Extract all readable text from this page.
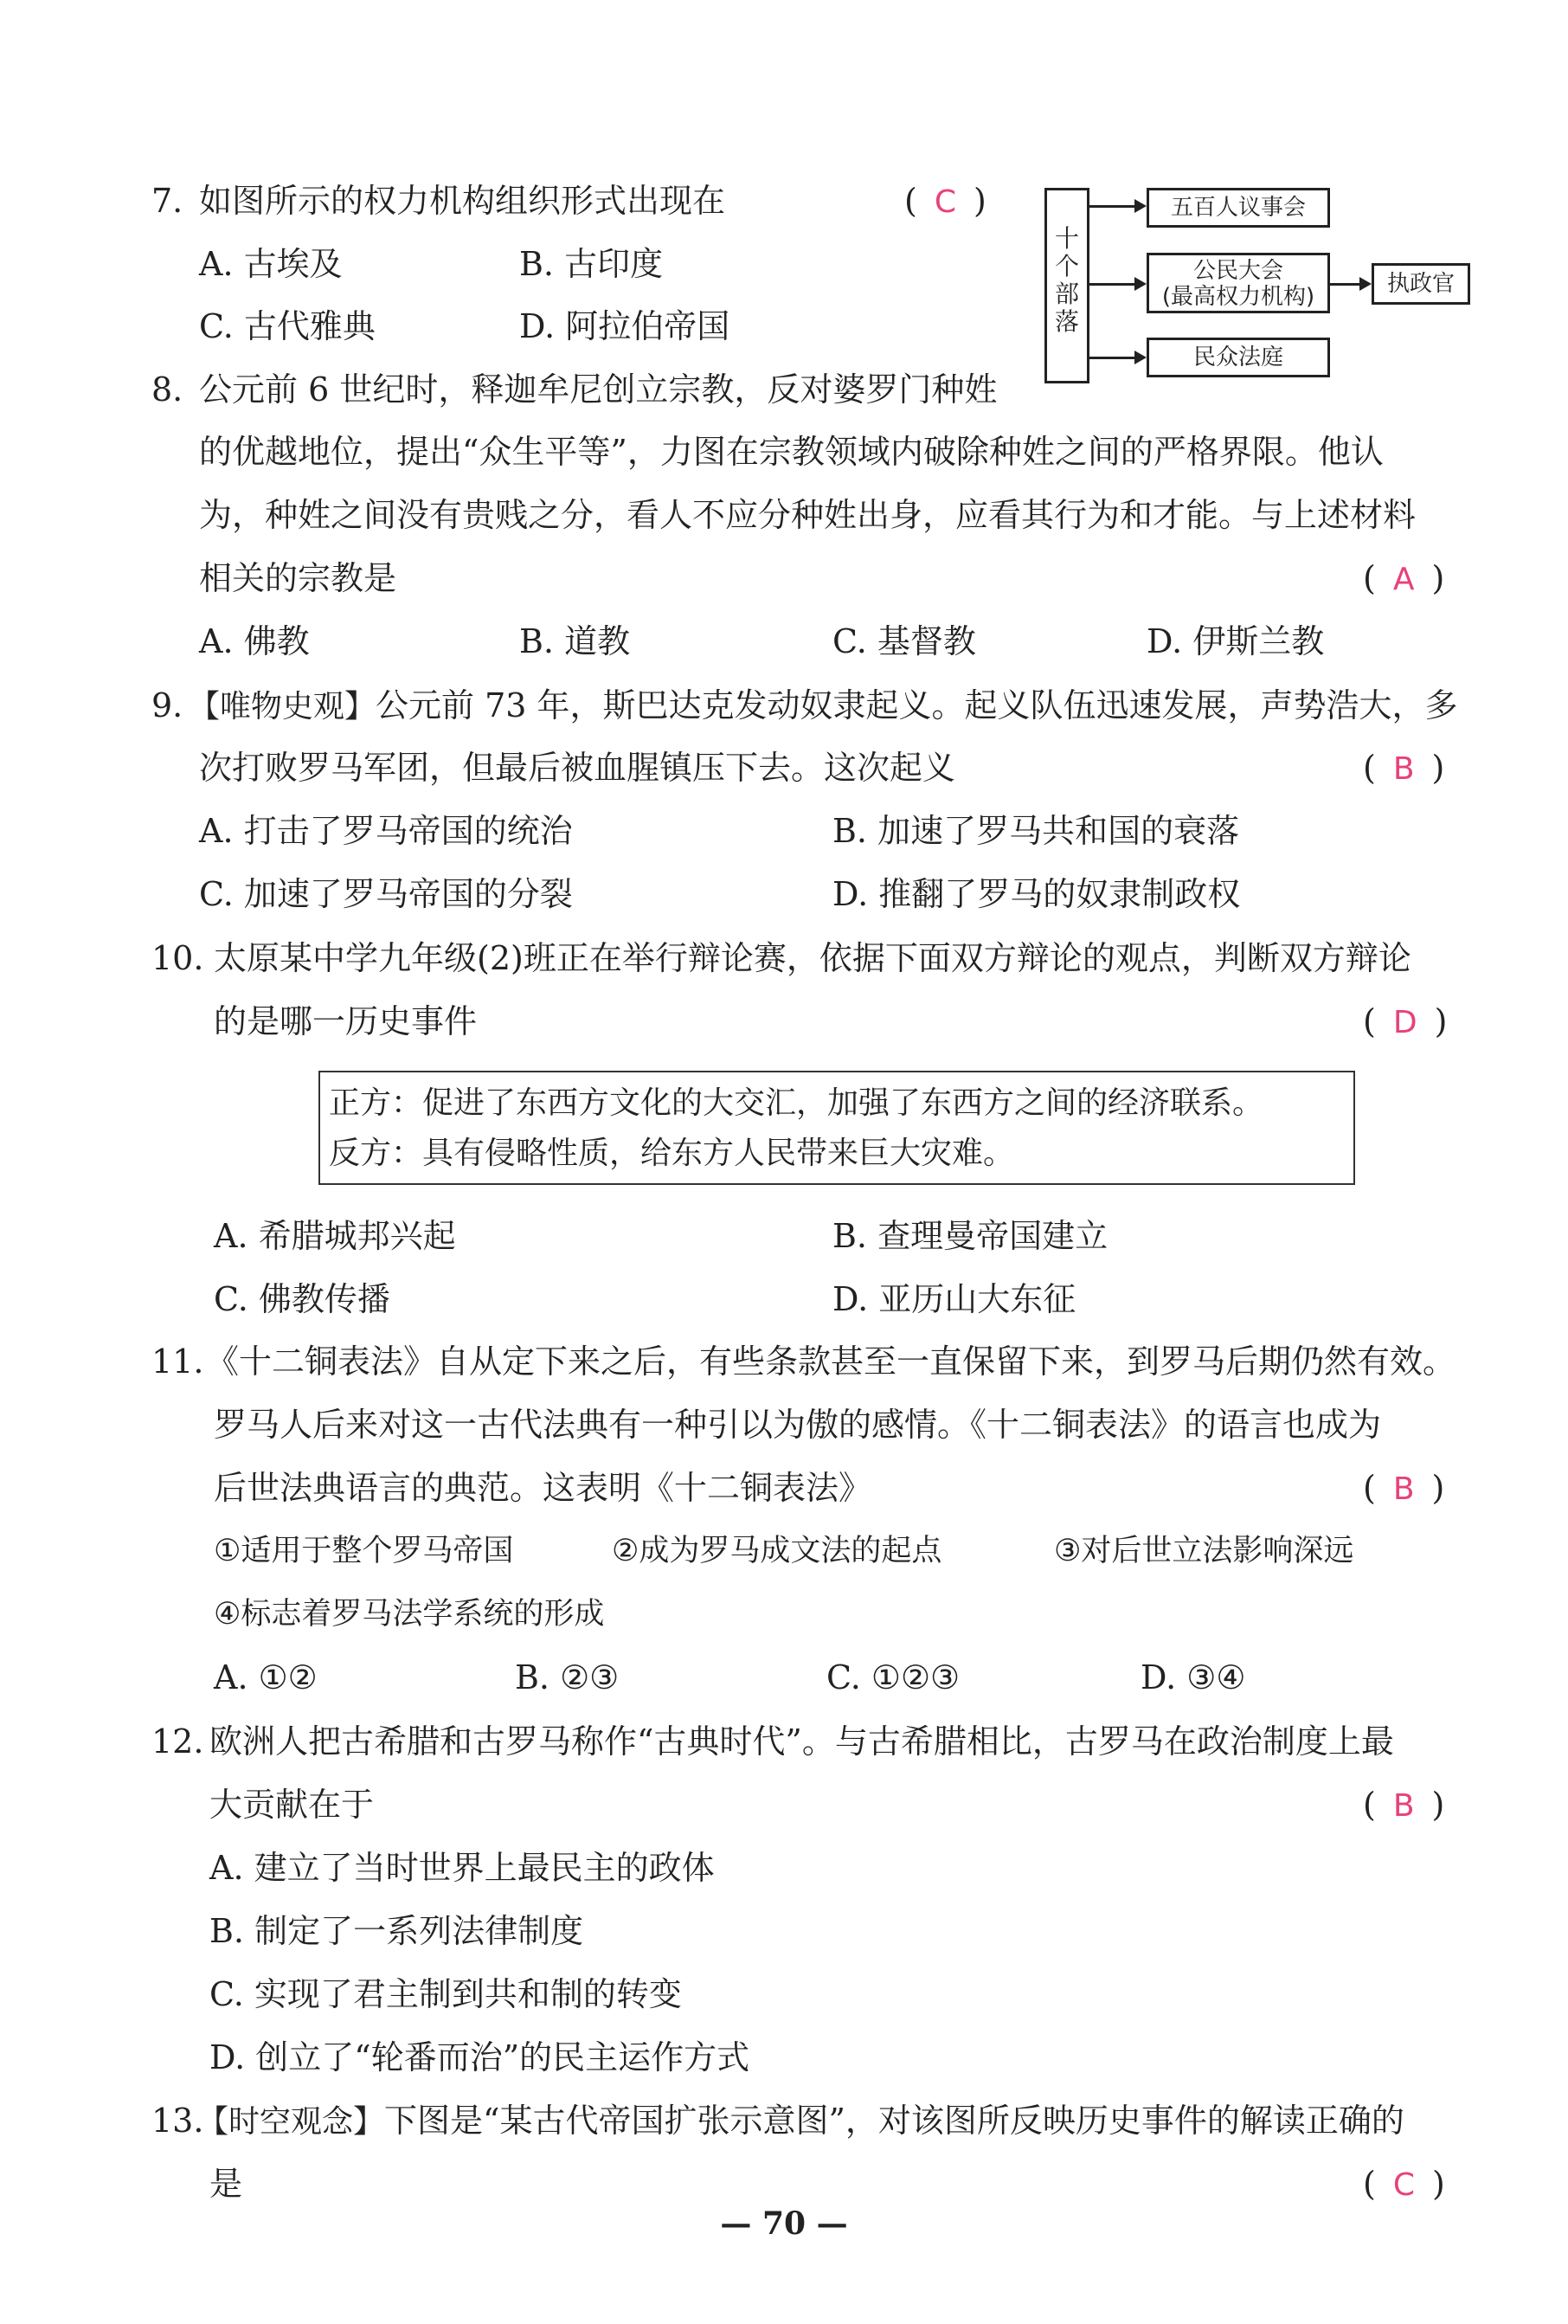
7. 如图所示的权力机构组织形式出现在	( C )
A. 古埃及	B. 古印度
C. 古代雅典	D. 阿拉伯帝国
十
个
部
落
五百人议事会
公民大会
(最高权力机构)
民众法庭
执政官
8. 公元前 6 世纪时，释迦牟尼创立宗教，反对婆罗门种姓
的优越地位，提出“众生平等”，力图在宗教领域内破除种姓之间的严格界限。他认
为，种姓之间没有贵贱之分，看人不应分种姓出身，应看其行为和才能。与上述材料
相关的宗教是	( A )
A. 佛教	B. 道教	C. 基督教	D. 伊斯兰教
9. 【唯物史观】公元前 73 年，斯巴达克发动奴隶起义。起义队伍迅速发展，声势浩大，多
次打败罗马军团，但最后被血腥镇压下去。这次起义	( B )
A. 打击了罗马帝国的统治	B. 加速了罗马共和国的衰落
C. 加速了罗马帝国的分裂	D. 推翻了罗马的奴隶制政权
10. 太原某中学九年级(2)班正在举行辩论赛，依据下面双方辩论的观点，判断双方辩论
的是哪一历史事件	( D )
正方：促进了东西方文化的大交汇，加强了东西方之间的经济联系。
反方：具有侵略性质，给东方人民带来巨大灾难。
A. 希腊城邦兴起	B. 查理曼帝国建立
C. 佛教传播	D. 亚历山大东征
11. 《十二铜表法》自从定下来之后，有些条款甚至一直保留下来，到罗马后期仍然有效。
罗马人后来对这一古代法典有一种引以为傲的感情。《十二铜表法》的语言也成为
后世法典语言的典范。这表明《十二铜表法》	( B )
①适用于整个罗马帝国	②成为罗马成文法的起点	③对后世立法影响深远
④标志着罗马法学系统的形成
A. ①②	B. ②③	C. ①②③	D. ③④
12. 欧洲人把古希腊和古罗马称作“古典时代”。与古希腊相比，古罗马在政治制度上最
大贡献在于	( B )
A. 建立了当时世界上最民主的政体
B. 制定了一系列法律制度
C. 实现了君主制到共和制的转变
D. 创立了“轮番而治”的民主运作方式
13.
【时空观念】下图是“某古代帝国扩张示意图”，对该图所反映历史事件的解读正确的
是	( C )
— 70 —
